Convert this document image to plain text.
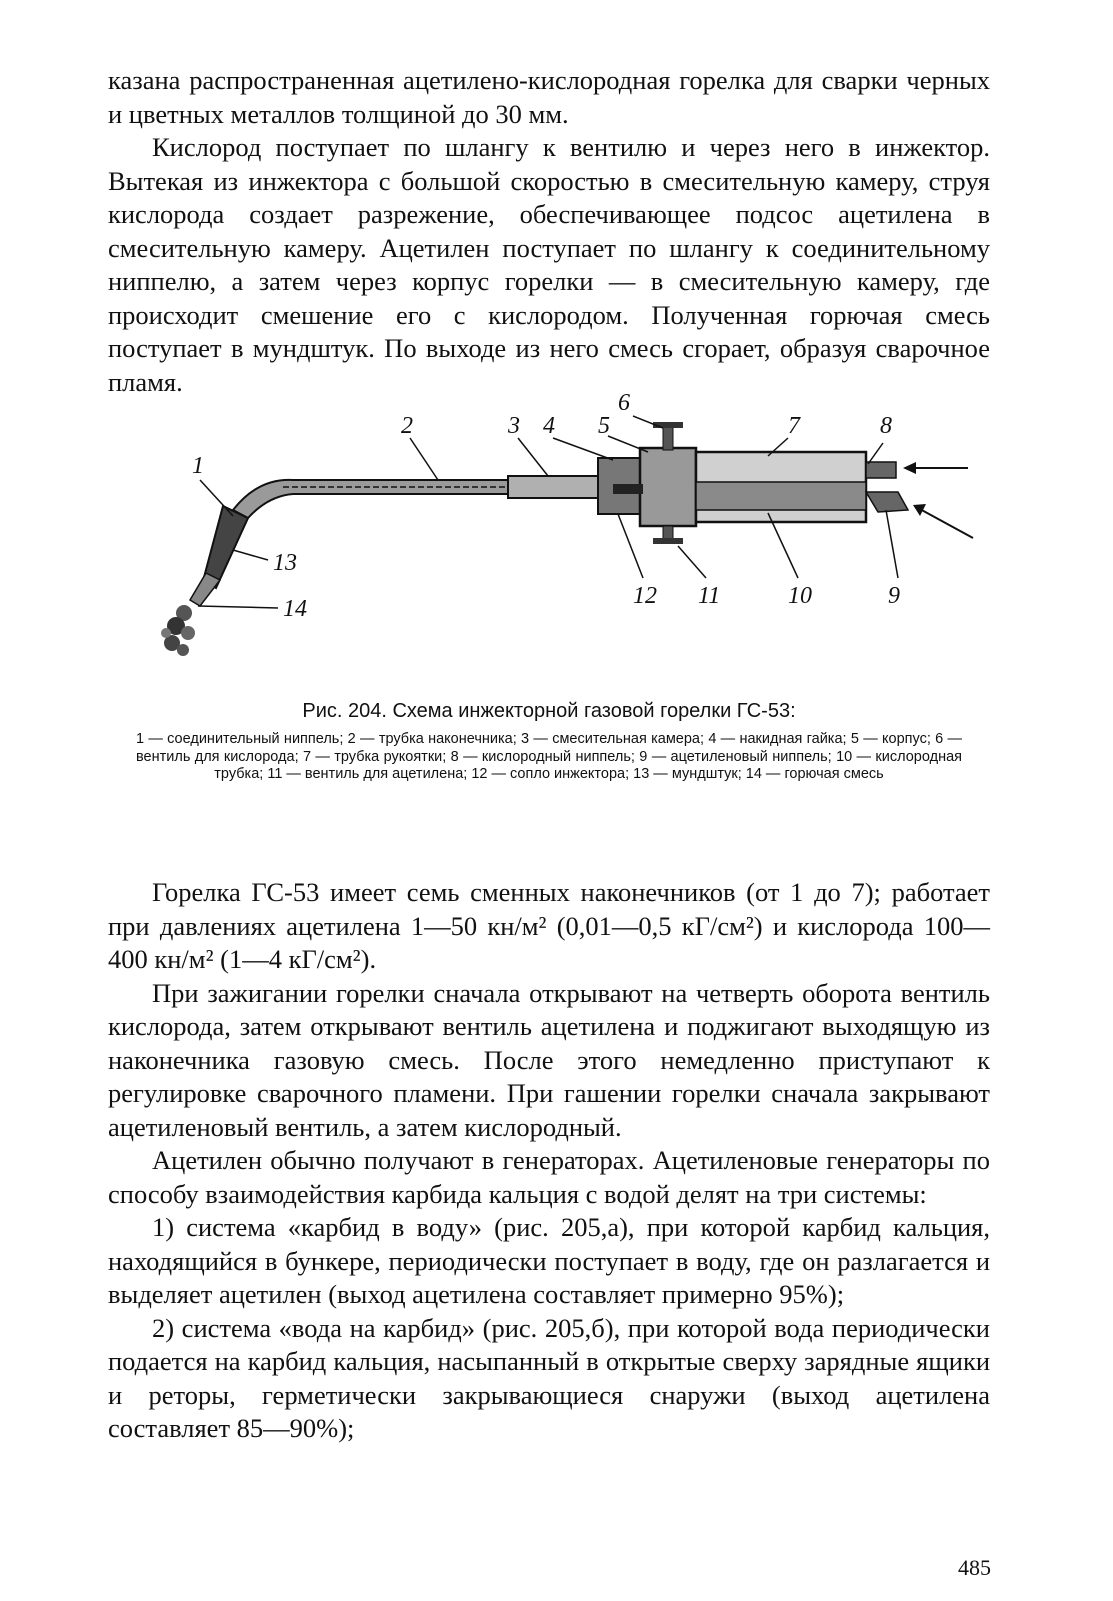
казана распространенная ацетилено-кислородная горелка для сварки черных и цветных металлов толщиной до 30 мм.

Кислород поступает по шлангу к вентилю и через него в инжектор. Вытекая из инжектора с большой скоростью в смесительную камеру, струя кислорода создает разрежение, обеспечивающее подсос ацетилена в смесительную камеру. Ацетилен поступает по шлангу к соединительному ниппелю, а затем через корпус горелки — в смесительную камеру, где происходит смешение его с кислородом. Полученная горючая смесь поступает в мундштук. По выходе из него смесь сгорает, образуя сварочное пламя.

1
2	3 4 5
6
7	8
13
14	12 11	10	9

Рис. 204. Схема инжекторной газовой горелки ГС-53:

1 — соединительный ниппель; 2 — трубка наконечника; 3 — смесительная камера; 4 — накидная гайка; 5 — корпус; 6 — вентиль для кислорода; 7 — трубка рукоятки; 8 — кислородный ниппель; 9 — ацетиленовый ниппель; 10 — кислородная трубка; 11 — вентиль для ацетилена; 12 — сопло инжектора; 13 — мундштук; 14 — горючая смесь

Горелка ГС-53 имеет семь сменных наконечников (от 1 до 7); работает при давлениях ацетилена 1—50 кн/м² (0,01—0,5 кГ/см²) и кислорода 100—400 кн/м² (1—4 кГ/см²).

При зажигании горелки сначала открывают на четверть оборота вентиль кислорода, затем открывают вентиль ацетилена и поджигают выходящую из наконечника газовую смесь. После этого немедленно приступают к регулировке сварочного пламени. При гашении горелки сначала закрывают ацетиленовый вентиль, а затем кислородный.

Ацетилен обычно получают в генераторах. Ацетиленовые генераторы по способу взаимодействия карбида кальция с водой делят на три системы:

1) система «карбид в воду» (рис. 205,а), при которой карбид кальция, находящийся в бункере, периодически поступает в воду, где он разлагается и выделяет ацетилен (выход ацетилена составляет примерно 95%);

2) система «вода на карбид» (рис. 205,б), при которой вода периодически подается на карбид кальция, насыпанный в открытые сверху зарядные ящики и реторы, герметически закрывающиеся снаружи (выход ацетилена составляет 85—90%);

485
